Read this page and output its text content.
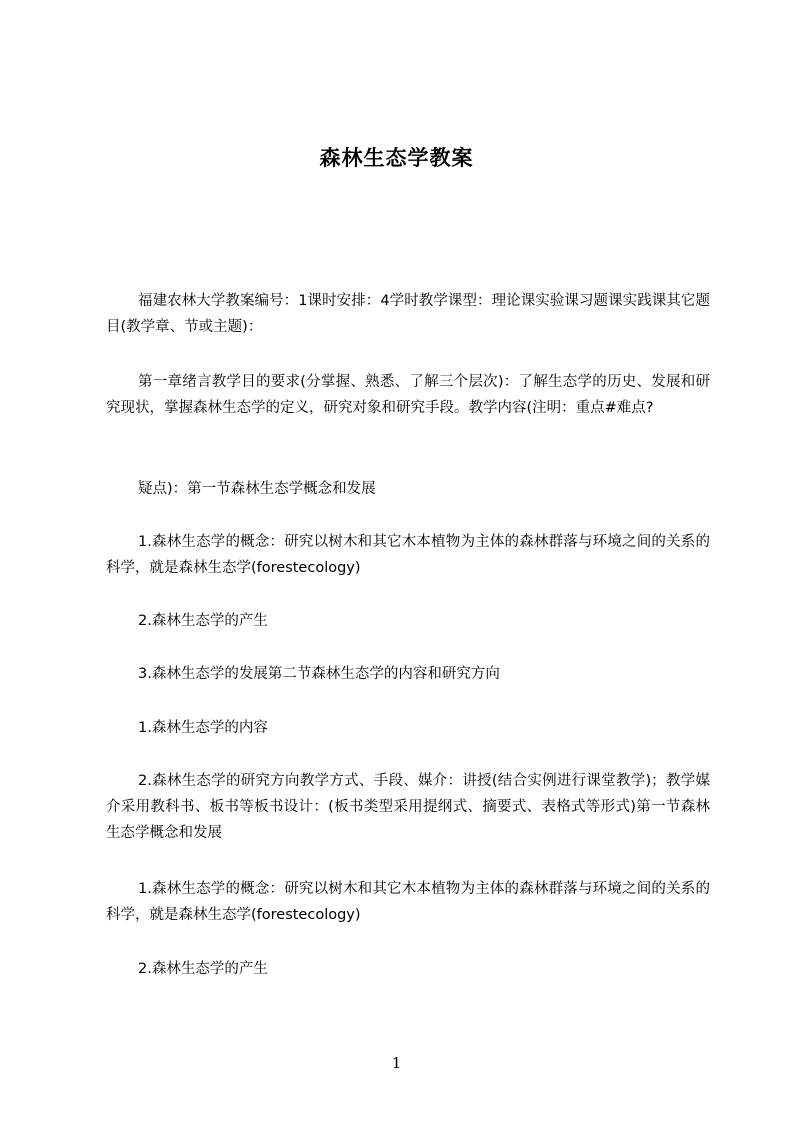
森林生态学教案
福建农林大学教案编号：1课时安排：4学时教学课型：理论课实验课习题课实践课其它题目(教学章、节或主题)：
第一章绪言教学目的要求(分掌握、熟悉、了解三个层次)：了解生态学的历史、发展和研究现状，掌握森林生态学的定义，研究对象和研究手段。教学内容(注明：重点#难点?
疑点)：第一节森林生态学概念和发展
1.森林生态学的概念：研究以树木和其它木本植物为主体的森林群落与环境之间的关系的科学，就是森林生态学(forestecology)
2.森林生态学的产生
3.森林生态学的发展第二节森林生态学的内容和研究方向
1.森林生态学的内容
2.森林生态学的研究方向教学方式、手段、媒介：讲授(结合实例进行课堂教学)；教学媒介采用教科书、板书等板书设计：(板书类型采用提纲式、摘要式、表格式等形式)第一节森林生态学概念和发展
1.森林生态学的概念：研究以树木和其它木本植物为主体的森林群落与环境之间的关系的科学，就是森林生态学(forestecology)
2.森林生态学的产生
1
